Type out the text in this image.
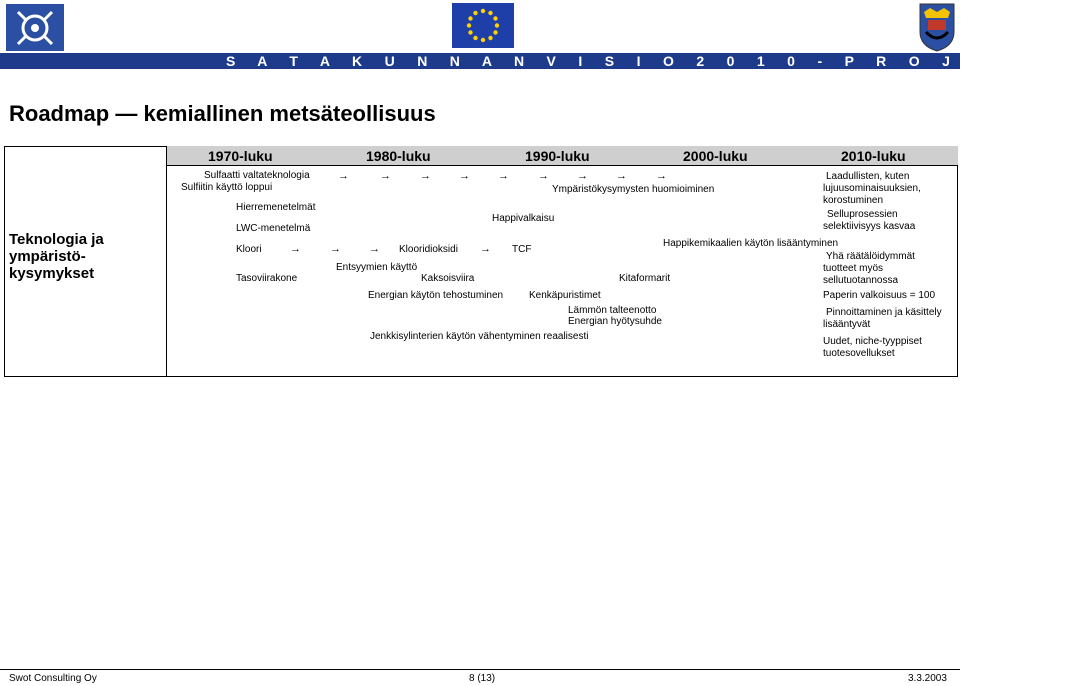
S A T A K U N N A N V I S I O 2 0 1 0 - P R O J E K T I
Roadmap — kemiallinen metsäteollisuus
1970-luku	1980-luku	1990-luku	2000-luku	2010-luku
Teknologia ja
ympäristö-
kysymykset
Sulfaatti valtateknologia
Sulfiitin käyttö loppui
Hierremenetelmät
LWC-menetelmä
Kloori
Tasoviirakone
Entsyymien käyttö
Klooridioksidi
Kaksoisviira
TCF
Happivalkaisu
Ympäristökysymysten huomioiminen
Happikemikaalien käytön lisääntyminen
Kitaformarit
Energian käytön tehostuminen	Kenkäpuristimet
Lämmön talteenotto
Energian hyötysuhde
Jenkkisylinterien käytön vähentyminen reaalisesti
Laadullisten, kuten
lujuusominaisuuksien,
korostuminen
Selluprosessien
selektiivisyys kasvaa
Yhä räätälöidymmät
tuotteet myös
sellutuotannossa
Paperin valkoisuus = 100
Pinnoittaminen ja käsittely
lisääntyvät
Uudet, niche-tyyppiset
tuotesovellukset
→	→	→	→	→	→	→	→	→
→	→	→	→
Swot Consulting Oy	8 (13)	3.3.2003
